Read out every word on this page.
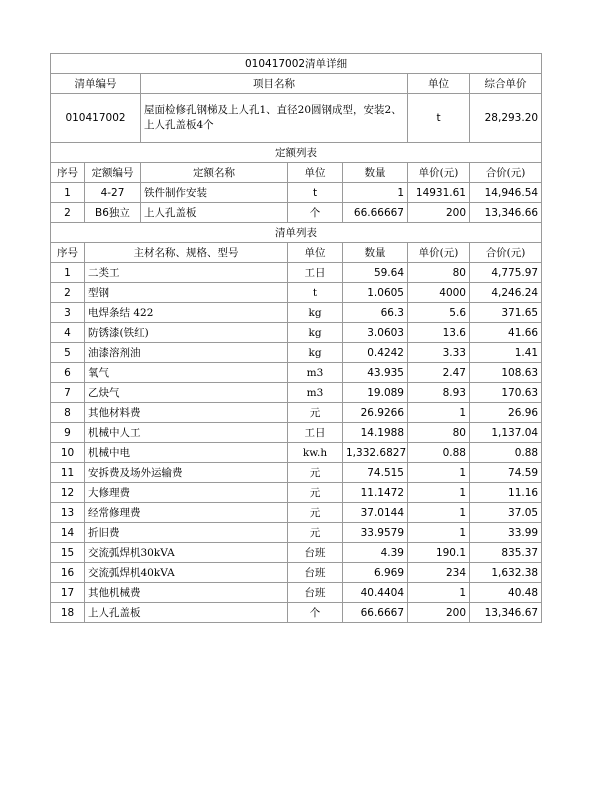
010417002清单详细						
清单编号		项目名称			单位	综合单价
010417002		屋面检修孔钢梯及上人孔1、直径20圆钢成型，安装2、上人孔盖板4个			t	28,293.20
定额列表						
序号	定额编号	定额名称	单位	数量	单价(元)	合价(元)
1	4-27	铁件制作安装	t	1	14931.61	14,946.54
2	B6独立	上人孔盖板	个	66.66667	200	13,346.66
清单列表						
序号	主材名称、规格、型号		单位	数量	单价(元)	合价(元)
1	二类工		工日	59.64	80	4,775.97
2	型钢		t	1.0605	4000	4,246.24
3	电焊条结 422		kg	66.3	5.6	371.65
4	防锈漆(铁红)		kg	3.0603	13.6	41.66
5	油漆溶剂油		kg	0.4242	3.33	1.41
6	氧气		m3	43.935	2.47	108.63
7	乙炔气		m3	19.089	8.93	170.63
8	其他材料费		元	26.9266	1	26.96
9	机械中人工		工日	14.1988	80	1,137.04
10	机械中电		kw.h	1,332.6827	0.88	0.88
11	安拆费及场外运输费		元	74.515	1	74.59
12	大修理费		元	11.1472	1	11.16
13	经常修理费		元	37.0144	1	37.05
14	折旧费		元	33.9579	1	33.99
15	交流弧焊机30kVA		台班	4.39	190.1	835.37
16	交流弧焊机40kVA		台班	6.969	234	1,632.38
17	其他机械费		台班	40.4404	1	40.48
18	上人孔盖板		个	66.6667	200	13,346.67
